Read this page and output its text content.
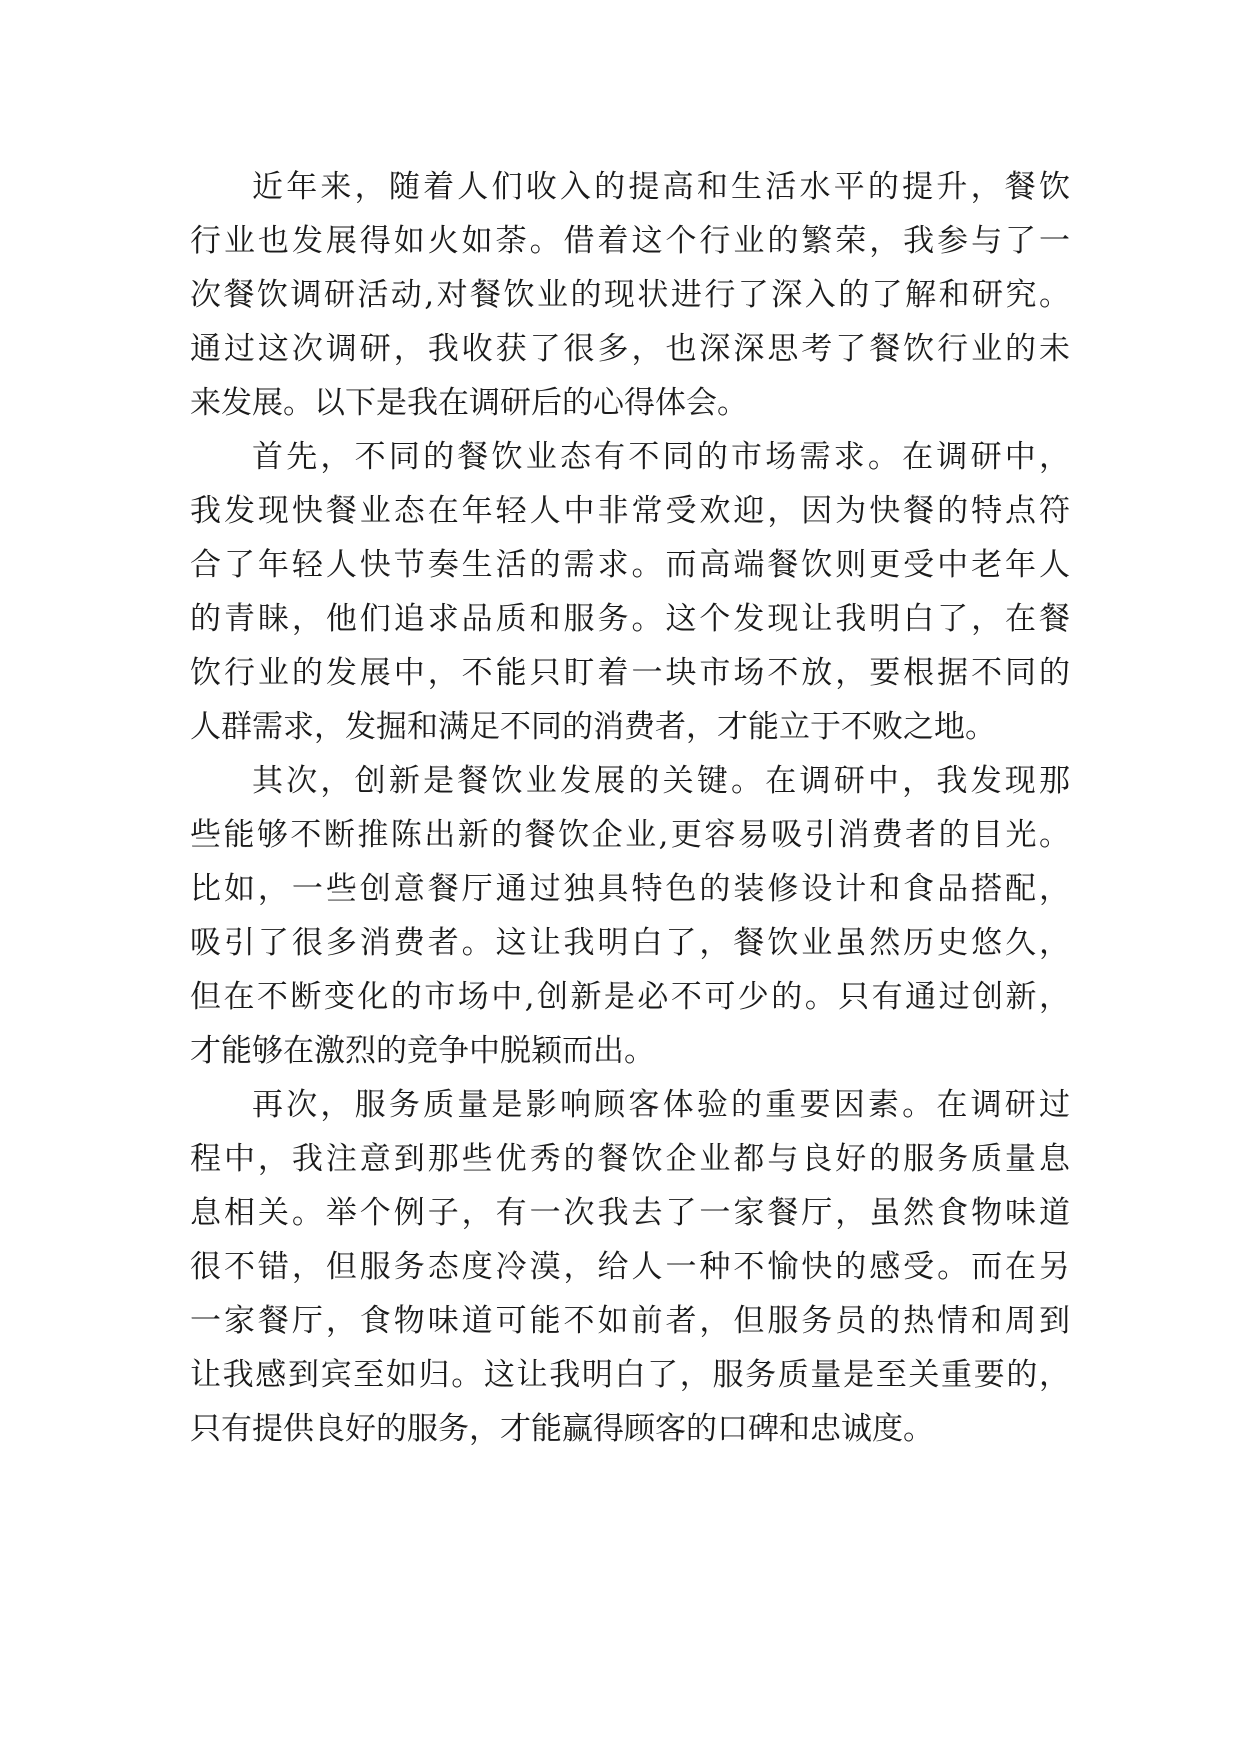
近年来，随着人们收入的提高和生活水平的提升，餐饮
行业也发展得如火如荼。借着这个行业的繁荣，我参与了一
次餐饮调研活动,对餐饮业的现状进行了深入的了解和研究。
通过这次调研，我收获了很多，也深深思考了餐饮行业的未
来发展。以下是我在调研后的心得体会。
首先，不同的餐饮业态有不同的市场需求。在调研中，
我发现快餐业态在年轻人中非常受欢迎，因为快餐的特点符
合了年轻人快节奏生活的需求。而高端餐饮则更受中老年人
的青睐，他们追求品质和服务。这个发现让我明白了，在餐
饮行业的发展中，不能只盯着一块市场不放，要根据不同的
人群需求，发掘和满足不同的消费者，才能立于不败之地。
其次，创新是餐饮业发展的关键。在调研中，我发现那
些能够不断推陈出新的餐饮企业,更容易吸引消费者的目光。
比如，一些创意餐厅通过独具特色的装修设计和食品搭配，
吸引了很多消费者。这让我明白了，餐饮业虽然历史悠久，
但在不断变化的市场中,创新是必不可少的。只有通过创新，
才能够在激烈的竞争中脱颖而出。
再次，服务质量是影响顾客体验的重要因素。在调研过
程中，我注意到那些优秀的餐饮企业都与良好的服务质量息
息相关。举个例子，有一次我去了一家餐厅，虽然食物味道
很不错，但服务态度冷漠，给人一种不愉快的感受。而在另
一家餐厅，食物味道可能不如前者，但服务员的热情和周到
让我感到宾至如归。这让我明白了，服务质量是至关重要的，
只有提供良好的服务，才能赢得顾客的口碑和忠诚度。
